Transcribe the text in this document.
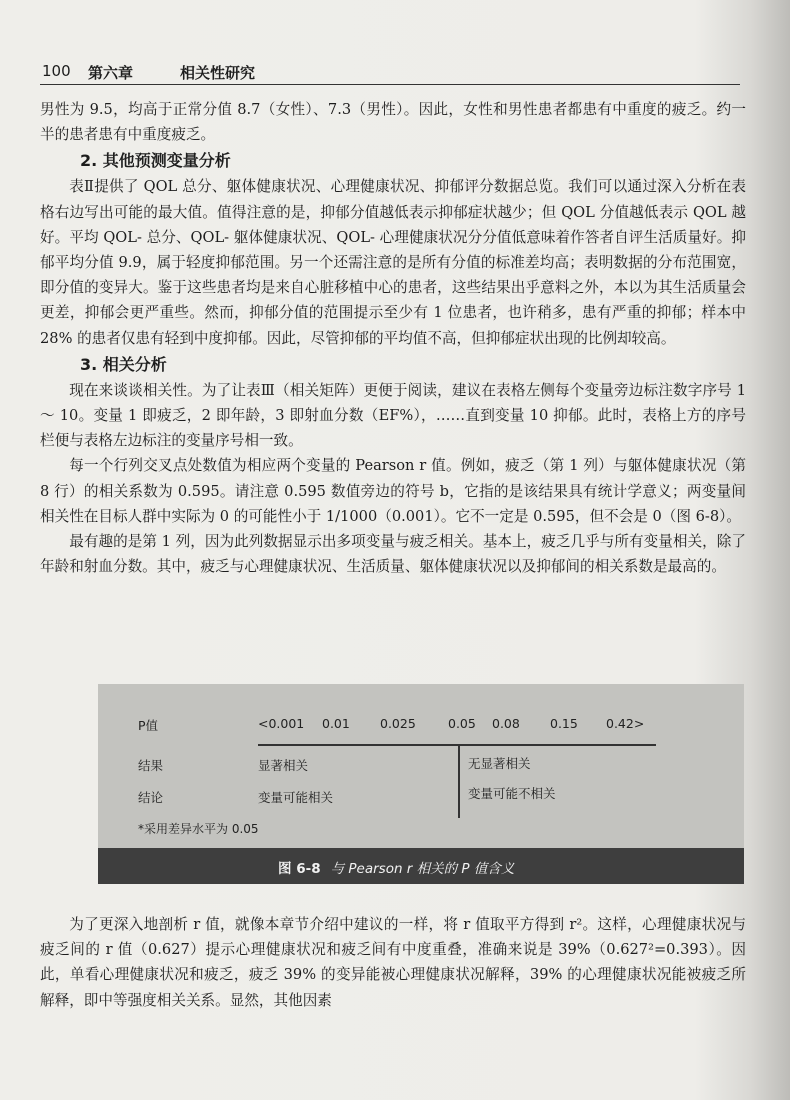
100 第六章	相关性研究

男性为 9.5，均高于正常分值 8.7（女性）、7.3（男性）。因此，女性和男性患者都患有中重度的疲乏。约一半的患者患有中重度疲乏。

2. 其他预测变量分析

表Ⅱ提供了 QOL 总分、躯体健康状况、心理健康状况、抑郁评分数据总览。我们可以通过深入分析在表格右边写出可能的最大值。值得注意的是，抑郁分值越低表示抑郁症状越少；但 QOL 分值越低表示 QOL 越好。平均 QOL- 总分、QOL- 躯体健康状况、QOL- 心理健康状况分分值低意味着作答者自评生活质量好。抑郁平均分值 9.9，属于轻度抑郁范围。另一个还需注意的是所有分值的标准差均高；表明数据的分布范围宽，即分值的变异大。鉴于这些患者均是来自心脏移植中心的患者，这些结果出乎意料之外，本以为其生活质量会更差，抑郁会更严重些。然而，抑郁分值的范围提示至少有 1 位患者，也许稍多，患有严重的抑郁；样本中 28% 的患者仅患有轻到中度抑郁。因此，尽管抑郁的平均值不高，但抑郁症状出现的比例却较高。

3. 相关分析

现在来谈谈相关性。为了让表Ⅲ（相关矩阵）更便于阅读，建议在表格左侧每个变量旁边标注数字序号 1 ～ 10。变量 1 即疲乏，2 即年龄，3 即射血分数（EF%），……直到变量 10 抑郁。此时，表格上方的序号栏便与表格左边标注的变量序号相一致。

每一个行列交叉点处数值为相应两个变量的 Pearson r 值。例如，疲乏（第 1 列）与躯体健康状况（第 8 行）的相关系数为 0.595。请注意 0.595 数值旁边的符号 b，它指的是该结果具有统计学意义；两变量间相关性在目标人群中实际为 0 的可能性小于 1/1000（0.001）。它不一定是 0.595，但不会是 0（图 6-8）。

最有趣的是第 1 列，因为此列数据显示出多项变量与疲乏相关。基本上，疲乏几乎与所有变量相关，除了年龄和射血分数。其中，疲乏与心理健康状况、生活质量、躯体健康状况以及抑郁间的相关系数是最高的。

P值	<0.001 0.01 0.025	0.05 0.08 0.15 0.42>
结果	显著相关	无显著相关
结论	变量可能相关	变量可能不相关
*采用差异水平为 0.05
图 6-8 与 Pearson r 相关的 P 值含义

为了更深入地剖析 r 值，就像本章节介绍中建议的一样，将 r 值取平方得到 r²。这样，心理健康状况与疲乏间的 r 值（0.627）提示心理健康状况和疲乏间有中度重叠，准确来说是 39%（0.627²=0.393）。因此，单看心理健康状况和疲乏，疲乏 39% 的变异能被心理健康状况解释，39% 的心理健康状况能被疲乏所解释，即中等强度相关关系。显然，其他因素
